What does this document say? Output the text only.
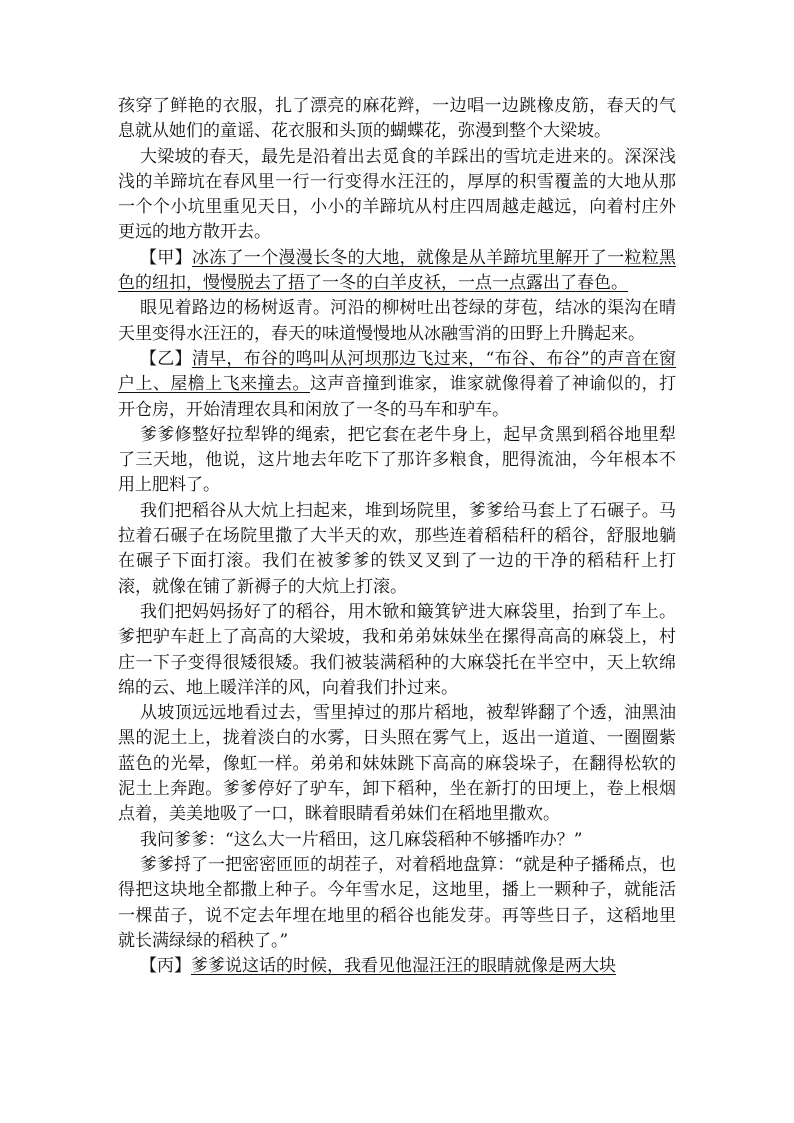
孩穿了鲜艳的衣服，扎了漂亮的麻花辫，一边唱一边跳橡皮筋，春天的气息就从她们的童谣、花衣服和头顶的蝴蝶花，弥漫到整个大梁坡。

大梁坡的春天，最先是沿着出去觅食的羊踩出的雪坑走进来的。深深浅浅的羊蹄坑在春风里一行一行变得水汪汪的，厚厚的积雪覆盖的大地从那一个个小坑里重见天日，小小的羊蹄坑从村庄四周越走越远，向着村庄外更远的地方散开去。

【甲】冰冻了一个漫漫长冬的大地，就像是从羊蹄坑里解开了一粒粒黑色的纽扣，慢慢脱去了捂了一冬的白羊皮袄，一点一点露出了春色。

眼见着路边的杨树返青。河沿的柳树吐出苍绿的芽苞，结冰的渠沟在晴天里变得水汪汪的，春天的味道慢慢地从冰融雪消的田野上升腾起来。

【乙】清早，布谷的鸣叫从河坝那边飞过来，“布谷、布谷”的声音在窗户上、屋檐上飞来撞去。这声音撞到谁家，谁家就像得着了神谕似的，打开仓房，开始清理农具和闲放了一冬的马车和驴车。

爹爹修整好拉犁铧的绳索，把它套在老牛身上，起早贪黑到稻谷地里犁了三天地，他说，这片地去年吃下了那许多粮食，肥得流油，今年根本不用上肥料了。

我们把稻谷从大炕上扫起来，堆到场院里，爹爹给马套上了石碾子。马拉着石碾子在场院里撒了大半天的欢，那些连着稻秸秆的稻谷，舒服地躺在碾子下面打滚。我们在被爹爹的铁叉叉到了一边的干净的稻秸秆上打滚，就像在铺了新褥子的大炕上打滚。

我们把妈妈扬好了的稻谷，用木锨和簸箕铲进大麻袋里，抬到了车上。爹把驴车赶上了高高的大梁坡，我和弟弟妹妹坐在摞得高高的麻袋上，村庄一下子变得很矮很矮。我们被装满稻种的大麻袋托在半空中，天上软绵绵的云、地上暖洋洋的风，向着我们扑过来。

从坡顶远远地看过去，雪里掉过的那片稻地，被犁铧翻了个透，油黑油黑的泥土上，拢着淡白的水雾，日头照在雾气上，返出一道道、一圈圈紫蓝色的光晕，像虹一样。弟弟和妹妹跳下高高的麻袋垛子，在翻得松软的泥土上奔跑。爹爹停好了驴车，卸下稻种，坐在新打的田埂上，卷上根烟点着，美美地吸了一口，眯着眼睛看弟妹们在稻地里撒欢。

我问爹爹：“这么大一片稻田，这几麻袋稻种不够播咋办？”

爹爹捋了一把密密匝匝的胡茬子，对着稻地盘算：“就是种子播稀点，也得把这块地全都撒上种子。今年雪水足，这地里，播上一颗种子，就能活一棵苗子，说不定去年埋在地里的稻谷也能发芽。再等些日子，这稻地里就长满绿绿的稻秧了。”

【丙】爹爹说这话的时候，我看见他湿汪汪的眼睛就像是两大块
